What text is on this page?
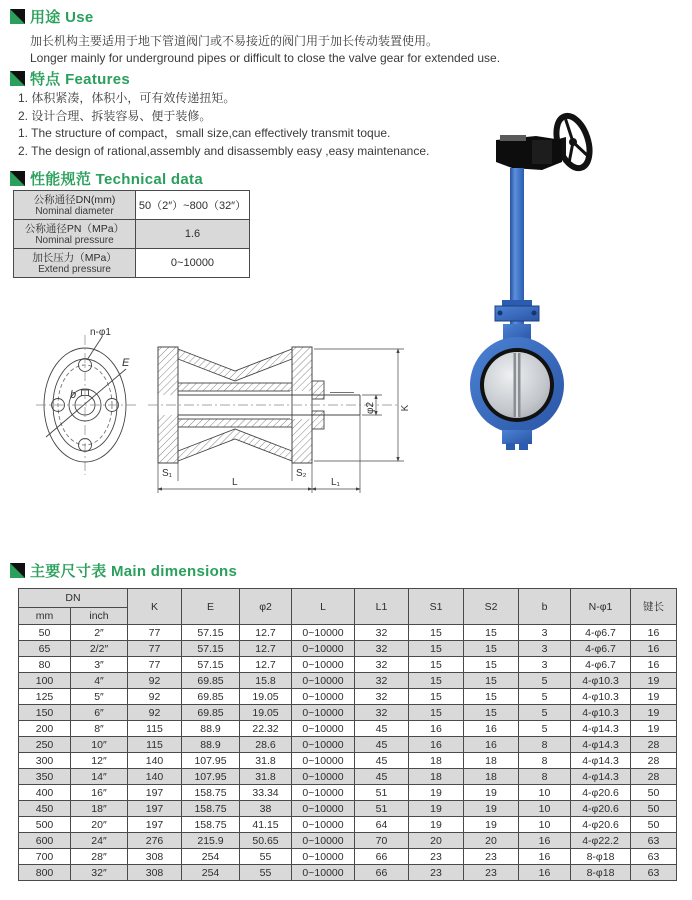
用途 Use
加长机构主要适用于地下管道阀门或不易接近的阀门用于加长传动装置使用。
Longer mainly for underground pipes or difficult to close the valve gear for extended use.
特点 Features
1. 体积紧凑，体积小，可有效传递扭矩。
2. 设计合理、拆装容易、便于装修。
1. The structure of compact，small size,can effectively transmit toque.
2. The design of rational,assembly and disassembly easy ,easy maintenance.
性能规范 Technical data
公称通径DN(mm)
Nominal diameter	50（2″）~800（32″）

公称通径PN（MPa）
Nominal pressure	1.6

加长压力（MPa）
Extend pressure	0~10000
n-φ1
E
b
S₁	S₂
L	L₁
φ2 K
主要尺寸表 Main dimensions
DN		K	E	φ2	L	L1	S1	S2	b	N-φ1	键长
mm	inch										
50	2″	77	57.15	12.7	0~10000	32	15	15	3	4-φ6.7	16
65	2/2″	77	57.15	12.7	0~10000	32	15	15	3	4-φ6.7	16
80	3″	77	57.15	12.7	0~10000	32	15	15	3	4-φ6.7	16
100	4″	92	69.85	15.8	0~10000	32	15	15	5	4-φ10.3	19
125	5″	92	69.85	19.05	0~10000	32	15	15	5	4-φ10.3	19
150	6″	92	69.85	19.05	0~10000	32	15	15	5	4-φ10.3	19
200	8″	115	88.9	22.32	0~10000	45	16	16	5	4-φ14.3	19
250	10″	115	88.9	28.6	0~10000	45	16	16	8	4-φ14.3	28
300	12″	140	107.95	31.8	0~10000	45	18	18	8	4-φ14.3	28
350	14″	140	107.95	31.8	0~10000	45	18	18	8	4-φ14.3	28
400	16″	197	158.75	33.34	0~10000	51	19	19	10	4-φ20.6	50
450	18″	197	158.75	38	0~10000	51	19	19	10	4-φ20.6	50
500	20″	197	158.75	41.15	0~10000	64	19	19	10	4-φ20.6	50
600	24″	276	215.9	50.65	0~10000	70	20	20	16	4-φ22.2	63
700	28″	308	254	55	0~10000	66	23	23	16	8-φ18	63
800	32″	308	254	55	0~10000	66	23	23	16	8-φ18	63
